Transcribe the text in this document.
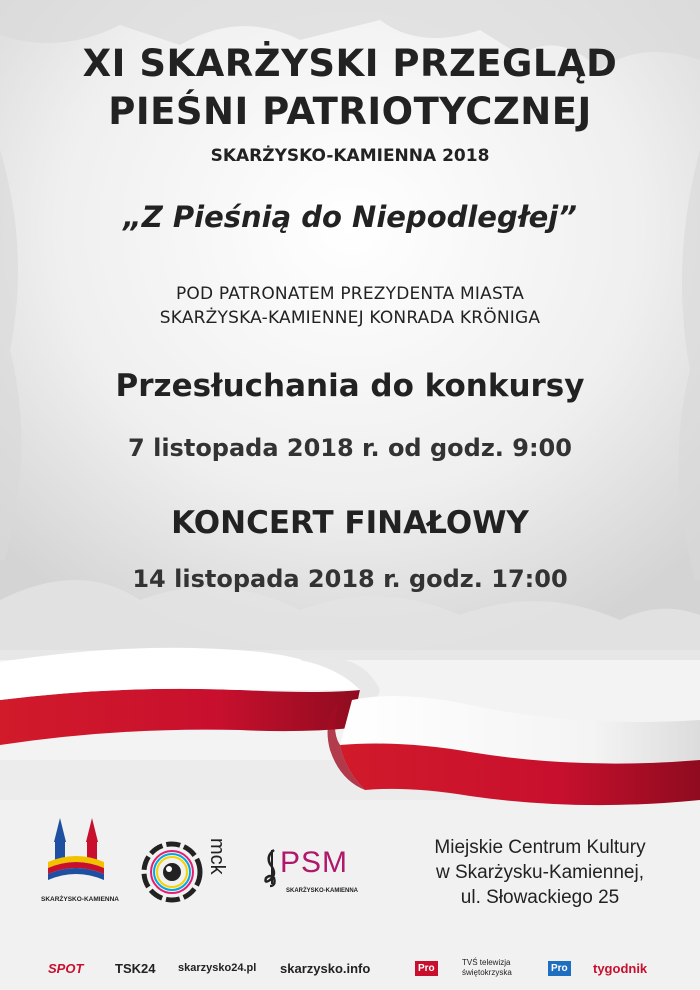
XI SKARŻYSKI PRZEGLĄD
PIEŚNI PATRIOTYCZNEJ
SKARŻYSKO-KAMIENNA 2018
„Z Pieśnią do Niepodległej”
POD PATRONATEM PREZYDENTA MIASTA
SKARŻYSKA-KAMIENNEJ KONRADA KRÖNIGA
Przesłuchania do konkursy
7 listopada 2018 r. od godz. 9:00
KONCERT FINAŁOWY
14 listopada 2018 r. godz. 17:00
SKARŻYSKO-KAMIENNA
mck PSM
SKARŻYSKO-KAMIENNA
Miejskie Centrum Kultury
w Skarżysku-Kamiennej,
ul. Słowackiego 25
SPOT TSK24 skarzysko24.pl skarzysko.info	Pro	TVŚ telewizja świętokrzyska	Pro tygodnik
